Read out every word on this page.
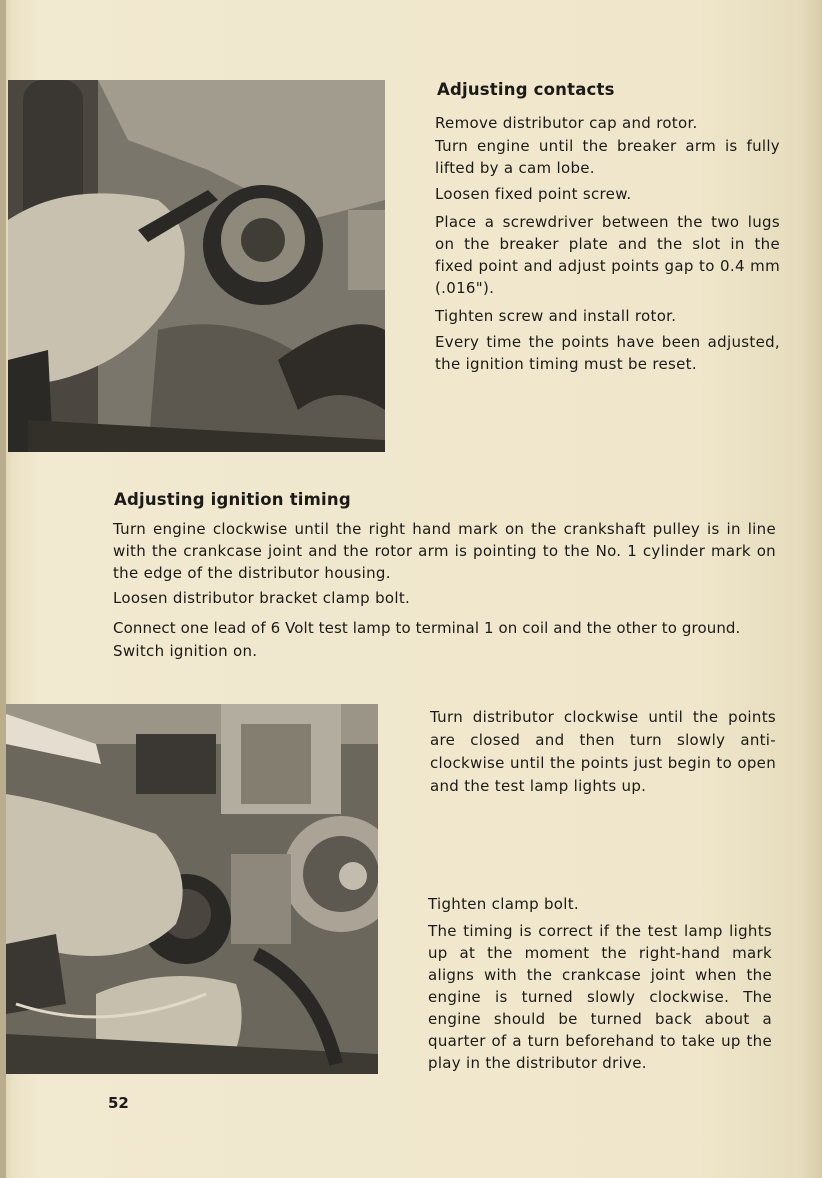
Adjusting contacts

Remove distributor cap and rotor.

Turn engine until the breaker arm is fully lifted by a cam lobe.

Loosen fixed point screw.

Place a screwdriver between the two lugs on the breaker plate and the slot in the fixed point and adjust points gap to 0.4 mm (.016").

Tighten screw and install rotor.

Every time the points have been adjusted, the ignition timing must be reset.

Adjusting ignition timing

Turn engine clockwise until the right hand mark on the crankshaft pulley is in line with the crankcase joint and the rotor arm is pointing to the No. 1 cylinder mark on the edge of the distributor housing.

Loosen distributor bracket clamp bolt.

Connect one lead of 6 Volt test lamp to terminal 1 on coil and the other to ground.

Switch ignition on.

Turn distributor clockwise until the points are closed and then turn slowly anti-clockwise until the points just begin to open and the test lamp lights up.

Tighten clamp bolt.

The timing is correct if the test lamp lights up at the moment the right-hand mark aligns with the crankcase joint when the engine is turned slowly clockwise. The engine should be turned back about a quarter of a turn beforehand to take up the play in the distributor drive.

52
